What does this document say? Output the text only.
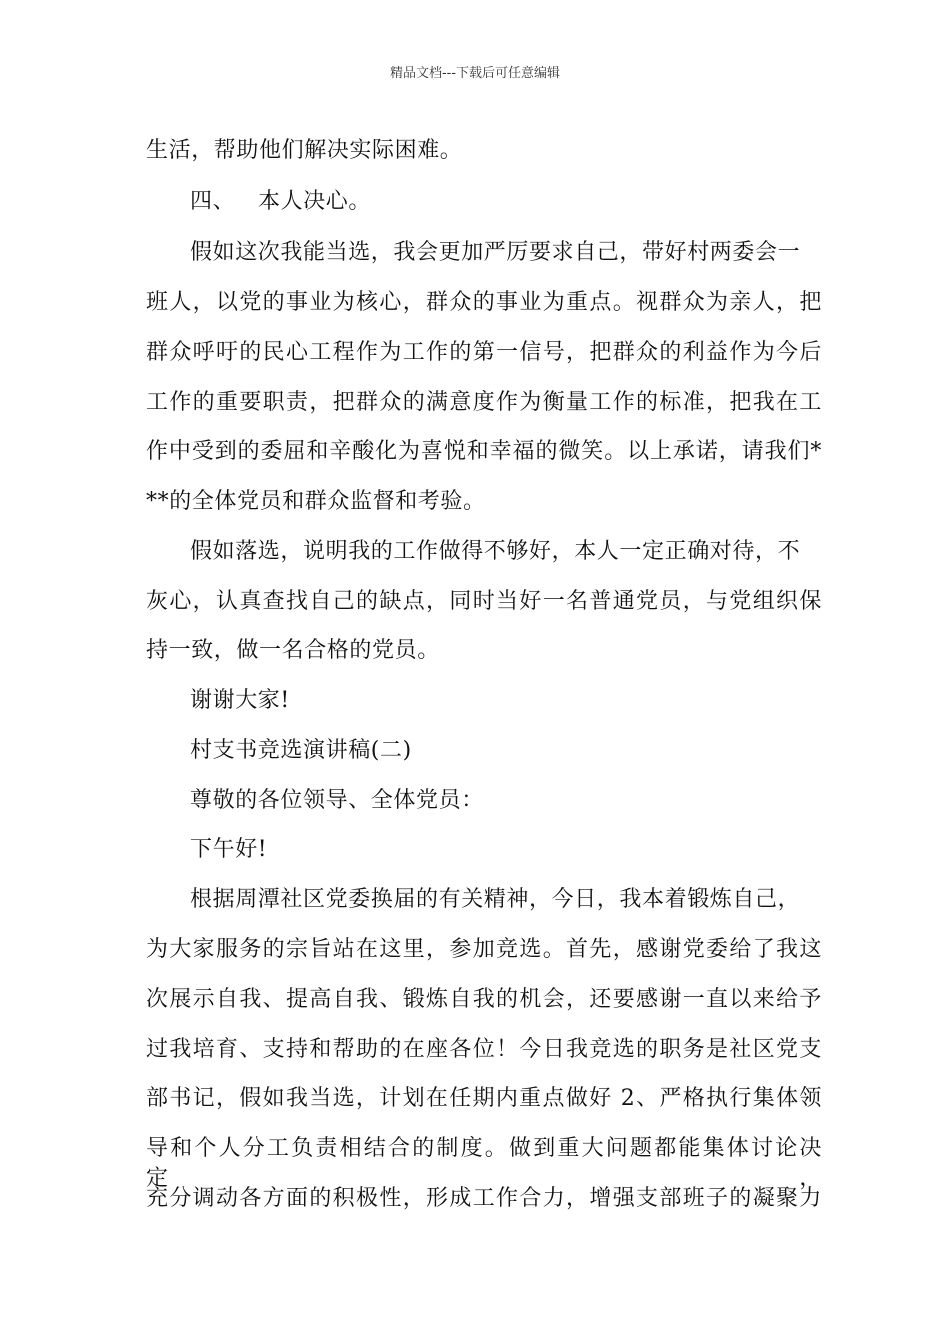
精品文档---下载后可任意编辑
生活，帮助他们解决实际困难。
四、   本人决心。
假如这次我能当选，我会更加严厉要求自己，带好村两委会一
班人，以党的事业为核心，群众的事业为重点。视群众为亲人，把
群众呼吁的民心工程作为工作的第一信号，把群众的利益作为今后
工作的重要职责，把群众的满意度作为衡量工作的标准，把我在工
作中受到的委屈和辛酸化为喜悦和幸福的微笑。以上承诺，请我们*
**的全体党员和群众监督和考验。
假如落选，说明我的工作做得不够好，本人一定正确对待，不
灰心，认真查找自己的缺点，同时当好一名普通党员，与党组织保
持一致，做一名合格的党员。
谢谢大家!
村支书竞选演讲稿(二)
尊敬的各位领导、全体党员：
下午好!
根据周潭社区党委换届的有关精神，今日，我本着锻炼自己，
为大家服务的宗旨站在这里，参加竞选。首先，感谢党委给了我这
次展示自我、提高自我、锻炼自我的机会，还要感谢一直以来给予
过我培育、支持和帮助的在座各位！今日我竞选的职务是社区党支
部书记，假如我当选，计划在任期内重点做好 2、严格执行集体领
导和个人分工负责相结合的制度。做到重大问题都能集体讨论决定，
充分调动各方面的积极性，形成工作合力，增强支部班子的凝聚力
